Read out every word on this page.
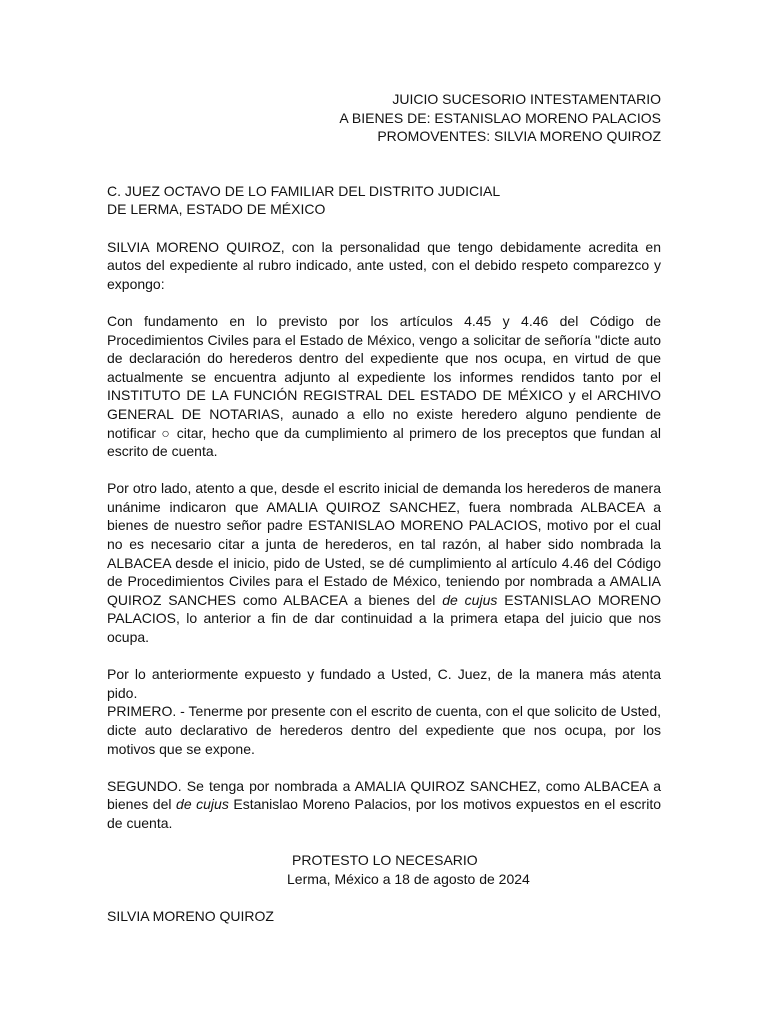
JUICIO SUCESORIO INTESTAMENTARIO
A BIENES DE: ESTANISLAO MORENO PALACIOS
PROMOVENTES: SILVIA MORENO QUIROZ
C. JUEZ OCTAVO DE LO FAMILIAR DEL DISTRITO JUDICIAL
DE LERMA, ESTADO DE MÉXICO

SILVIA MORENO QUIROZ, con la personalidad que tengo debidamente acredita en autos del expediente al rubro indicado, ante usted, con el debido respeto comparezco y expongo:

Con fundamento en lo previsto por los artículos 4.45 y 4.46 del Código de Procedimientos Civiles para el Estado de México, vengo a solicitar de señoría "dicte auto de declaración do herederos dentro del expediente que nos ocupa, en virtud de que actualmente se encuentra adjunto al expediente los informes rendidos tanto por el INSTITUTO DE LA FUNCIÓN REGISTRAL DEL ESTADO DE MÉXICO y el ARCHIVO GENERAL DE NOTARIAS, aunado a ello no existe heredero alguno pendiente de notificar ○ citar, hecho que da cumplimiento al primero de los preceptos que fundan al escrito de cuenta.

Por otro lado, atento a que, desde el escrito inicial de demanda los herederos de manera unánime indicaron que AMALIA QUIROZ SANCHEZ, fuera nombrada ALBACEA a bienes de nuestro señor padre ESTANISLAO MORENO PALACIOS, motivo por el cual no es necesario citar a junta de herederos, en tal razón, al haber sido nombrada la ALBACEA desde el inicio, pido de Usted, se dé cumplimiento al artículo 4.46 del Código de Procedimientos Civiles para el Estado de México, teniendo por nombrada a AMALIA QUIROZ SANCHES como ALBACEA a bienes del de cujus ESTANISLAO MORENO PALACIOS, lo anterior a fin de dar continuidad a la primera etapa del juicio que nos ocupa.

Por lo anteriormente expuesto y fundado a Usted, C. Juez, de la manera más atenta pido.

PRIMERO. - Tenerme por presente con el escrito de cuenta, con el que solicito de Usted, dicte auto declarativo de herederos dentro del expediente que nos ocupa, por los motivos que se expone.

SEGUNDO. Se tenga por nombrada a AMALIA QUIROZ SANCHEZ, como ALBACEA a bienes del de cujus Estanislao Moreno Palacios, por los motivos expuestos en el escrito de cuenta.

PROTESTO LO NECESARIO
Lerma, México a 18 de agosto de 2024
SILVIA MORENO QUIROZ
